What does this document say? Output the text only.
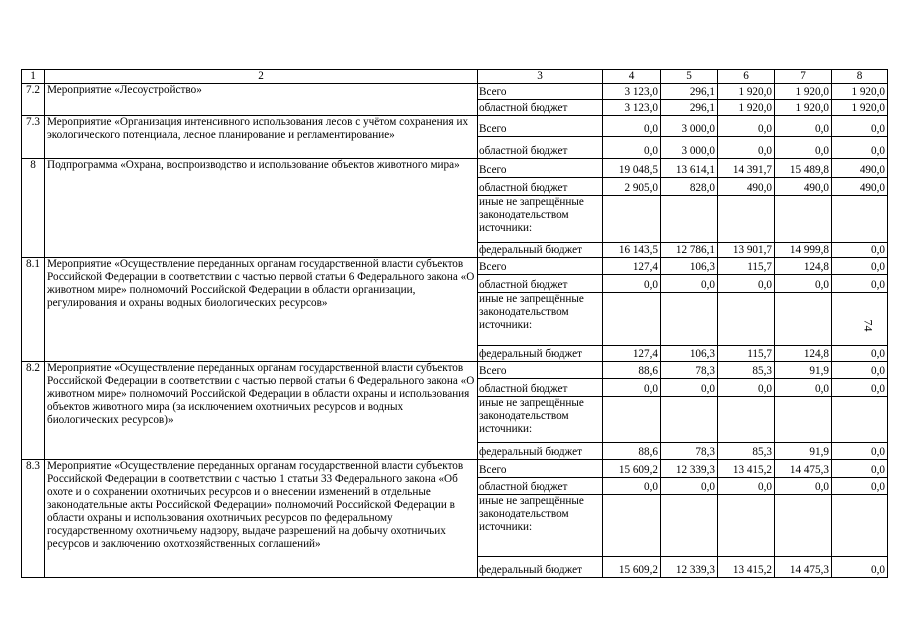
74
1	2	3	4	5	6	7	8
7.2	Мероприятие «Лесоустройство»	Всего	3 123,0	296,1	1 920,0	1 920,0	1 920,0
		областной бюджет	3 123,0	296,1	1 920,0	1 920,0	1 920,0
7.3	Мероприятие «Организация интенсивного использования лесов с учётом сохранения их экологического потенциала, лесное планирование и регламентирование»	Всего	0,0	3 000,0	0,0	0,0	0,0
		областной бюджет	0,0	3 000,0	0,0	0,0	0,0
8	Подпрограмма «Охрана, воспроизводство и использование объектов животного мира»	Всего	19 048,5	13 614,1	14 391,7	15 489,8	490,0
		областной бюджет	2 905,0	828,0	490,0	490,0	490,0
		иные не запрещённые законодательством источники:					
		федеральный бюджет	16 143,5	12 786,1	13 901,7	14 999,8	0,0
8.1	Мероприятие «Осуществление переданных органам государственной власти субъектов Российской Федерации в соответствии с частью первой статьи 6 Федерального закона «О животном мире» полномочий Российской Федерации в области организации, регулирования и охраны водных биологических ресурсов»	Всего	127,4	106,3	115,7	124,8	0,0
		областной бюджет	0,0	0,0	0,0	0,0	0,0
		иные не запрещённые законодательством источники:					
		федеральный бюджет	127,4	106,3	115,7	124,8	0,0
8.2	Мероприятие «Осуществление переданных органам государственной власти субъектов Российской Федерации в соответствии с частью первой статьи 6 Федерального закона «О животном мире» полномочий Российской Федерации в области охраны и использования объектов животного мира (за исключением охотничьих ресурсов и водных биологических ресурсов)»	Всего	88,6	78,3	85,3	91,9	0,0
		областной бюджет	0,0	0,0	0,0	0,0	0,0
		иные не запрещённые законодательством источники:					
		федеральный бюджет	88,6	78,3	85,3	91,9	0,0
8.3	Мероприятие «Осуществление переданных органам государственной власти субъектов Российской Федерации в соответствии с частью 1 статьи 33 Федерального закона «Об охоте и о сохранении охотничьих ресурсов и о внесении изменений в отдельные законодательные акты Российской Федерации» полномочий Российской Федерации в области охраны и использования охотничьих ресурсов по федеральному государственному охотничьему надзору, выдаче разрешений на добычу охотничьих ресурсов и заключению охотхозяйственных соглашений»	Всего	15 609,2	12 339,3	13 415,2	14 475,3	0,0
		областной бюджет	0,0	0,0	0,0	0,0	0,0
		иные не запрещённые законодательством источники:					
		федеральный бюджет	15 609,2	12 339,3	13 415,2	14 475,3	0,0
